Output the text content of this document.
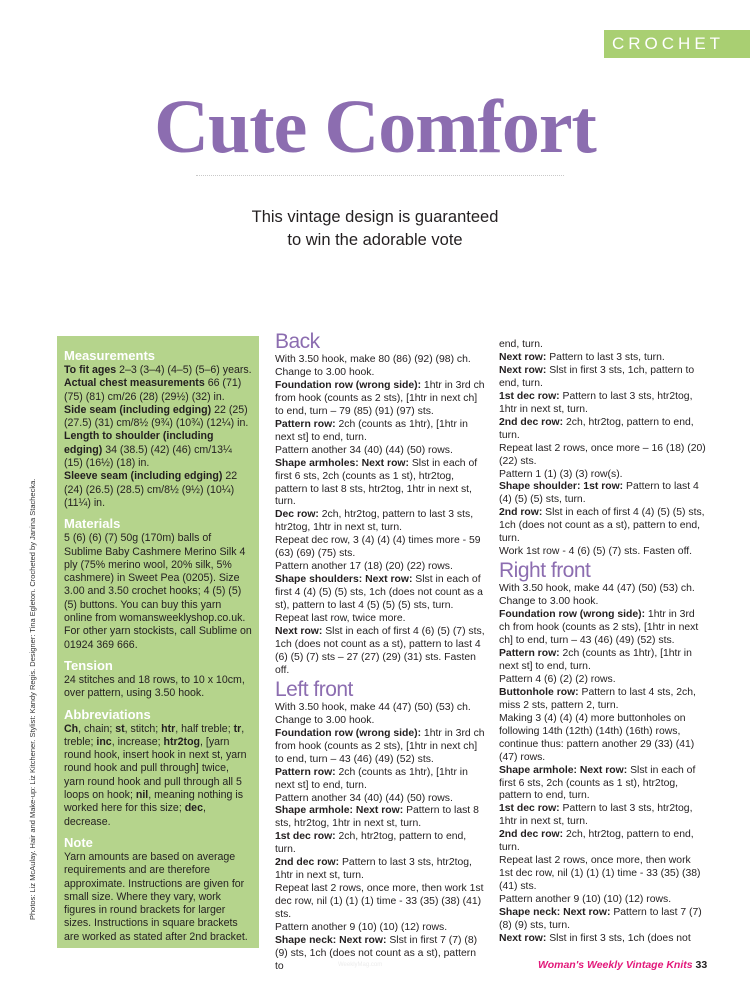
CROCHET
Cute Comfort
This vintage design is guaranteed
to win the adorable vote
Photos: Liz McAulay. Hair and Make-up: Liz Kitchener. Stylist: Kandy Regis. Designer: Tina Egleton. Crocheted by Janina Stachecka.
Measurements

To fit ages 2–3 (3–4) (4–5) (5–6) years.

Actual chest measurements 66 (71) (75) (81) cm/26 (28) (29½) (32) in.

Side seam (including edging) 22 (25) (27.5) (31) cm/8½ (9¾) (10¾) (12¼) in.

Length to shoulder (including edging) 34 (38.5) (42) (46) cm/13¼ (15) (16½) (18) in.

Sleeve seam (including edging) 22 (24) (26.5) (28.5) cm/8½ (9½) (10¼) (11¼) in.

Materials

5 (6) (6) (7) 50g (170m) balls of Sublime Baby Cashmere Merino Silk 4 ply (75% merino wool, 20% silk, 5% cashmere) in Sweet Pea (0205). Size 3.00 and 3.50 crochet hooks; 4 (5) (5) (5) buttons. You can buy this yarn online from womansweeklyshop.co.uk. For other yarn stockists, call Sublime on 01924 369 666.

Tension

24 stitches and 18 rows, to 10 x 10cm, over pattern, using 3.50 hook.

Abbreviations

Ch, chain; st, stitch; htr, half treble; tr, treble; inc, increase; htr2tog, [yarn round hook, insert hook in next st, yarn round hook and pull through] twice, yarn round hook and pull through all 5 loops on hook; nil, meaning nothing is worked here for this size; dec, decrease.

Note

Yarn amounts are based on average requirements and are therefore approximate. Instructions are given for small size. Where they vary, work figures in round brackets for larger sizes. Instructions in square brackets are worked as stated after 2nd bracket.

Back

With 3.50 hook, make 80 (86) (92) (98) ch. Change to 3.00 hook.

Foundation row (wrong side): 1htr in 3rd ch from hook (counts as 2 sts), [1htr in next ch] to end, turn – 79 (85) (91) (97) sts.

Pattern row: 2ch (counts as 1htr), [1htr in next st] to end, turn.

Pattern another 34 (40) (44) (50) rows.

Shape armholes: Next row: Slst in each of first 6 sts, 2ch (counts as 1 st), htr2tog, pattern to last 8 sts, htr2tog, 1htr in next st, turn.

Dec row: 2ch, htr2tog, pattern to last 3 sts, htr2tog, 1htr in next st, turn.

Repeat dec row, 3 (4) (4) (4) times more - 59 (63) (69) (75) sts.

Pattern another 17 (18) (20) (22) rows.

Shape shoulders: Next row: Slst in each of first 4 (4) (5) (5) sts, 1ch (does not count as a st), pattern to last 4 (5) (5) (5) sts, turn.

Repeat last row, twice more.

Next row: Slst in each of first 4 (6) (5) (7) sts, 1ch (does not count as a st), pattern to last 4 (6) (5) (7) sts – 27 (27) (29) (31) sts. Fasten off.

Left front

With 3.50 hook, make 44 (47) (50) (53) ch. Change to 3.00 hook.

Foundation row (wrong side): 1htr in 3rd ch from hook (counts as 2 sts), [1htr in next ch] to end, turn – 43 (46) (49) (52) sts.

Pattern row: 2ch (counts as 1htr), [1htr in next st] to end, turn.

Pattern another 34 (40) (44) (50) rows.

Shape armhole: Next row: Pattern to last 8 sts, htr2tog, 1htr in next st, turn.

1st dec row: 2ch, htr2tog, pattern to end, turn.

2nd dec row: Pattern to last 3 sts, htr2tog, 1htr in next st, turn.

Repeat last 2 rows, once more, then work 1st dec row, nil (1) (1) (1) time - 33 (35) (38) (41) sts.

Pattern another 9 (10) (10) (12) rows.

Shape neck: Next row: Slst in first 7 (7) (8) (9) sts, 1ch (does not count as a st), pattern to

end, turn.

Next row: Pattern to last 3 sts, turn.

Next row: Slst in first 3 sts, 1ch, pattern to end, turn.

1st dec row: Pattern to last 3 sts, htr2tog, 1htr in next st, turn.

2nd dec row: 2ch, htr2tog, pattern to end, turn.

Repeat last 2 rows, once more – 16 (18) (20) (22) sts.

Pattern 1 (1) (3) (3) row(s).

Shape shoulder: 1st row: Pattern to last 4 (4) (5) (5) sts, turn.

2nd row: Slst in each of first 4 (4) (5) (5) sts, 1ch (does not count as a st), pattern to end, turn.

Work 1st row - 4 (6) (5) (7) sts. Fasten off.

Right front

With 3.50 hook, make 44 (47) (50) (53) ch. Change to 3.00 hook.

Foundation row (wrong side): 1htr in 3rd ch from hook (counts as 2 sts), [1htr in next ch] to end, turn – 43 (46) (49) (52) sts.

Pattern row: 2ch (counts as 1htr), [1htr in next st] to end, turn.

Pattern 4 (6) (2) (2) rows.

Buttonhole row: Pattern to last 4 sts, 2ch, miss 2 sts, pattern 2, turn.

Making 3 (4) (4) (4) more buttonholes on following 14th (12th) (14th) (16th) rows, continue thus: pattern another 29 (33) (41) (47) rows.

Shape armhole: Next row: Slst in each of first 6 sts, 2ch (counts as 1 st), htr2tog, pattern to end, turn.

1st dec row: Pattern to last 3 sts, htr2tog, 1htr in next st, turn.

2nd dec row: 2ch, htr2tog, pattern to end, turn.

Repeat last 2 rows, once more, then work 1st dec row, nil (1) (1) (1) time - 33 (35) (38) (41) sts.

Pattern another 9 (10) (10) (12) rows.

Shape neck: Next row: Pattern to last 7 (7) (8) (9) sts, turn.

Next row: Slst in first 3 sts, 1ch (does not

WeeklyMag.com	Woman's Weekly Vintage Knits 33
